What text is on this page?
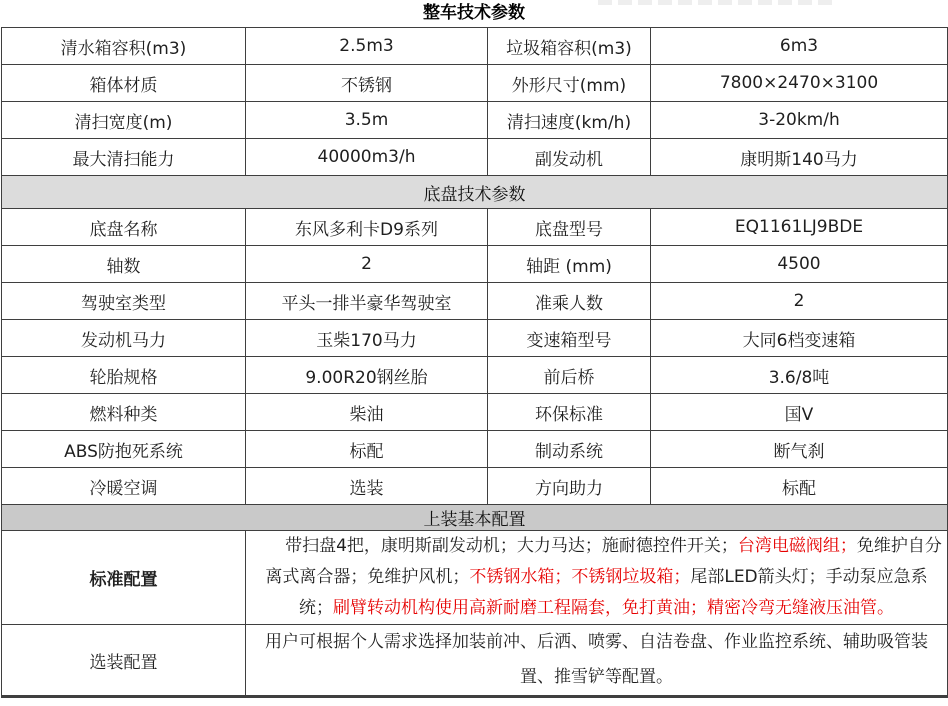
整车技术参数
清水箱容积(m3)	2.5m3	垃圾箱容积(m3)	6m3
箱体材质	不锈钢	外形尺寸(mm)	7800×2470×3100
清扫宽度(m)	3.5m	清扫速度(km/h)	3-20km/h
最大清扫能力	40000m3/h	副发动机	康明斯140马力
底盘技术参数			
底盘名称	东风多利卡D9系列	底盘型号	EQ1161LJ9BDE
轴数	2	轴距 (mm)	4500
驾驶室类型	平头一排半豪华驾驶室	准乘人数	2
发动机马力	玉柴170马力	变速箱型号	大同6档变速箱
轮胎规格	9.00R20钢丝胎	前后桥	3.6/8吨
燃料种类	柴油	环保标准	国V
ABS防抱死系统	标配	制动系统	断气刹
冷暖空调	选装	方向助力	标配
上装基本配置			
标准配置	带扫盘4把，康明斯副发动机；大力马达；施耐德控件开关；台湾电磁阀组；免维护自分离式离合器；免维护风机；不锈钢水箱；不锈钢垃圾箱；尾部LED箭头灯；手动泵应急系统；刷臂转动机构使用高新耐磨工程隔套，免打黄油；精密冷弯无缝液压油管。		

选装配置	用户可根据个人需求选择加装前冲、后洒、喷雾、自洁卷盘、作业监控系统、辅助吸管装置、推雪铲等配置。		
